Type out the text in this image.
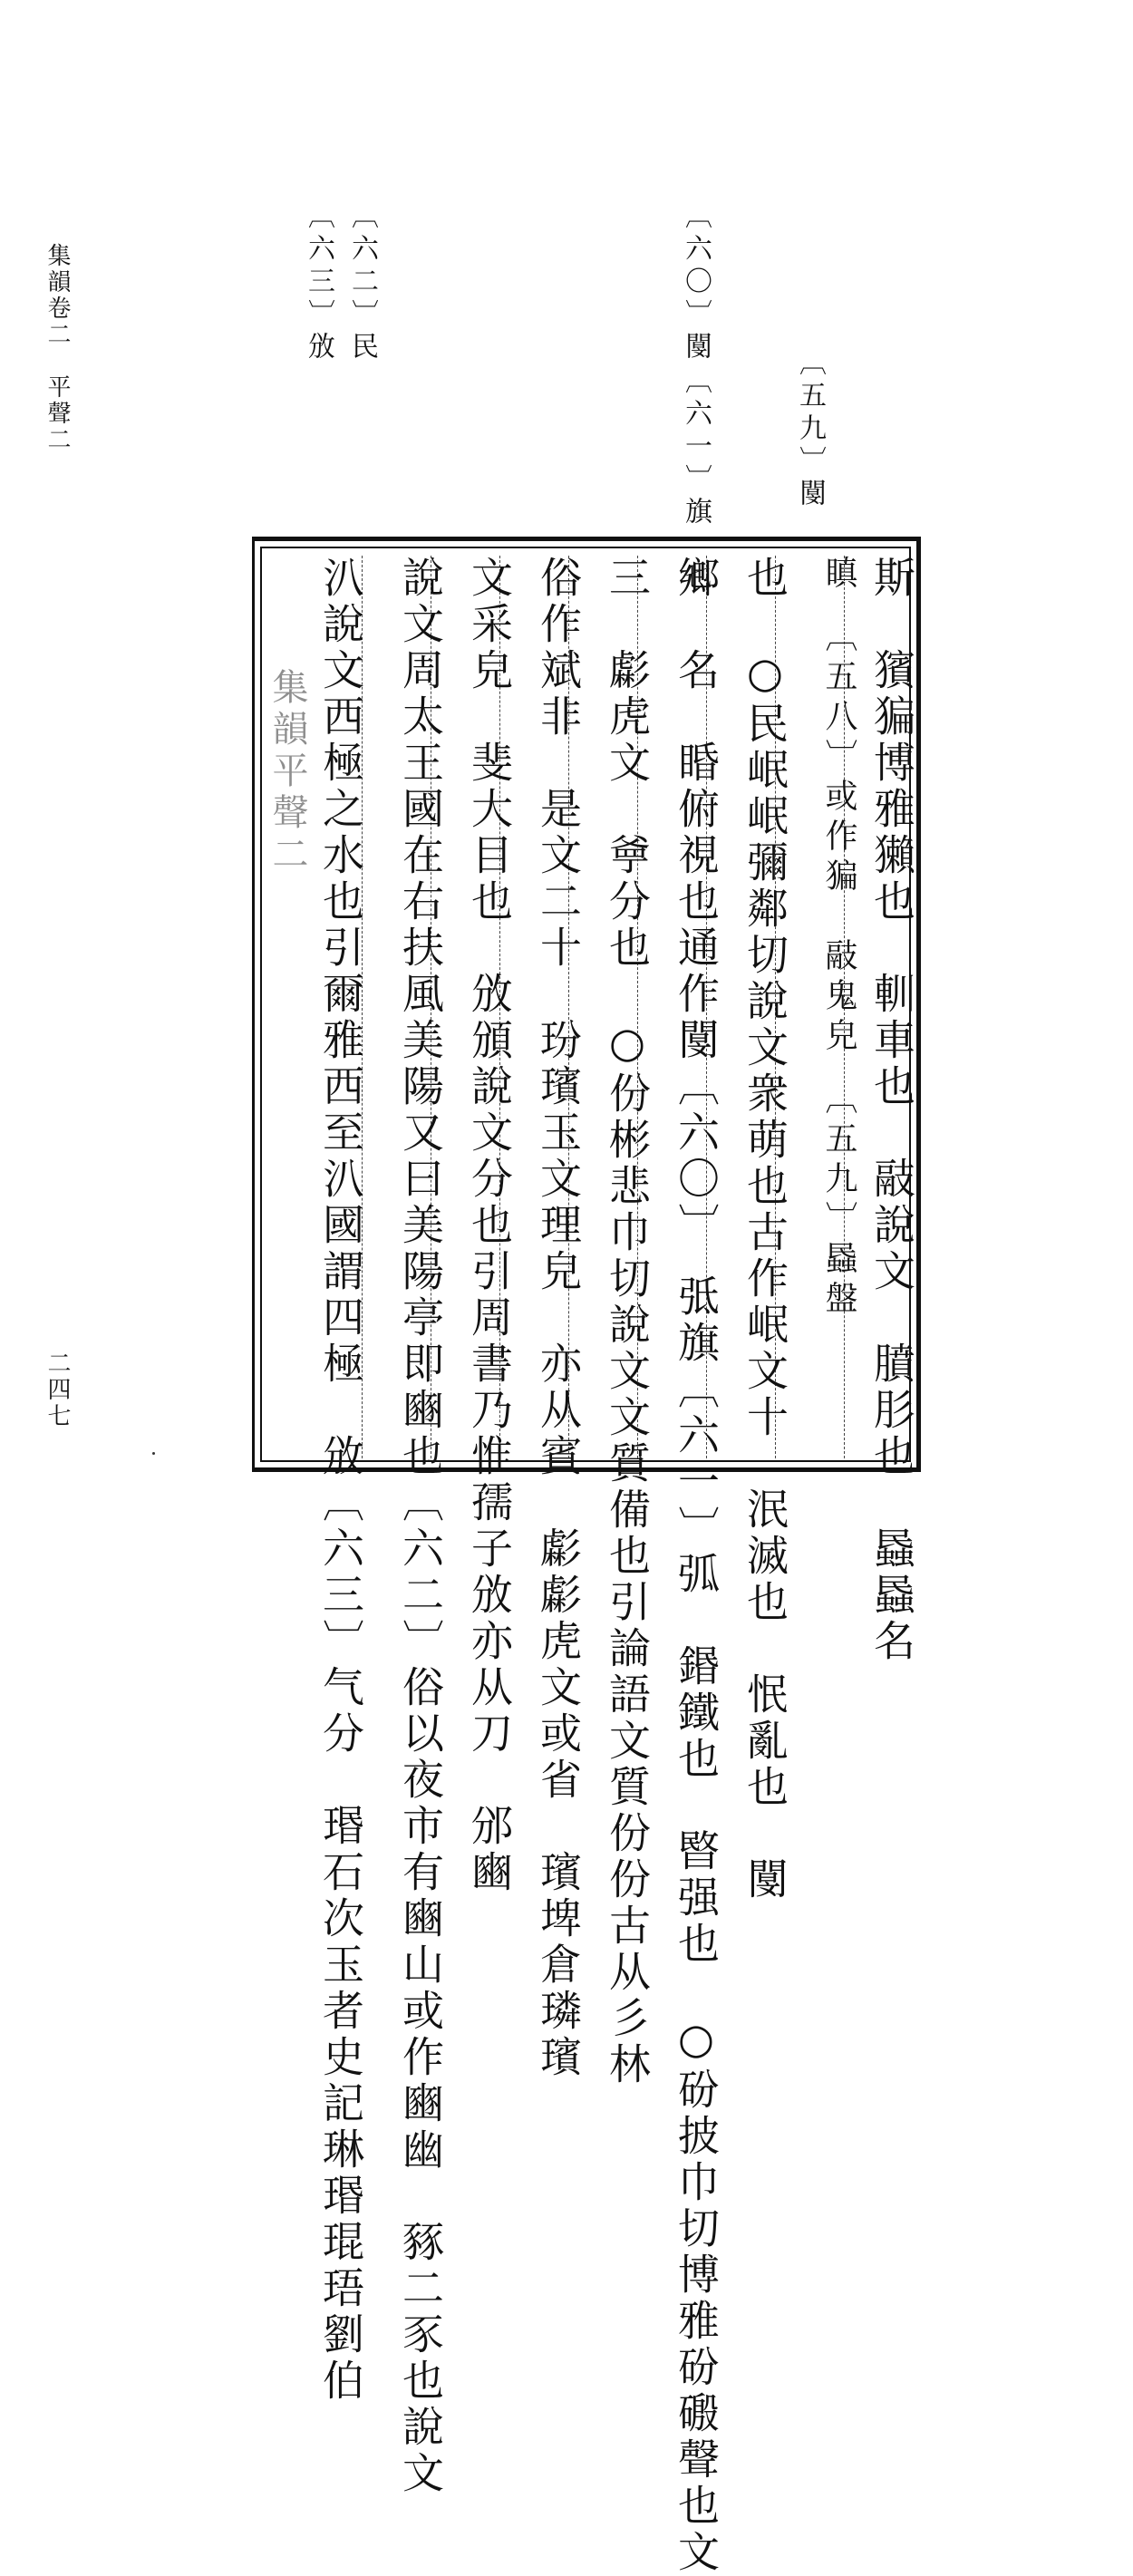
集韻卷二　平聲二
二四七
〔五九〕閺
〔六〇〕閺
〔六一〕旗　也
〔六二〕民
〔六三〕攽
集韻平聲二	斯　獱猵博雅獺也　䡅車也　䰙說文　膹肜也　蟁蟁名
瞋　〔五八〕或作猵　䰙鬼皃　〔五九〕蟁盤
也　○民岷岷彌鄰切說文衆萌也古作岷文十　泯滅也　怋亂也　閺
鄉　名　睧俯視也通作閺〔六〇〕　弤旗〔六一〕弧　鍲鐵也　暋强也　○砏披巾切博雅砏磤聲也文
三　虨虎文　㸘分也　○份彬悲巾切說文文質備也引論語文質份份古从彡林
俗作斌非　是文二十　玢璸玉文理皃　亦从賓　虨虨虎文或省　璸埤倉璘璸
文采皃　斐大目也　攽頒說文分也引周書乃惟孺子攽亦从刀　邠豳
說文周太王國在右扶風美陽又曰美陽亭即豳也〔六二〕俗以夜市有豳山或作豳幽　豩二豕也說文
汃說文西極之水也引爾雅西至汃國謂四極　攽〔六三〕气分　瑉石次玉者史記琳瑉琨珸劉伯
